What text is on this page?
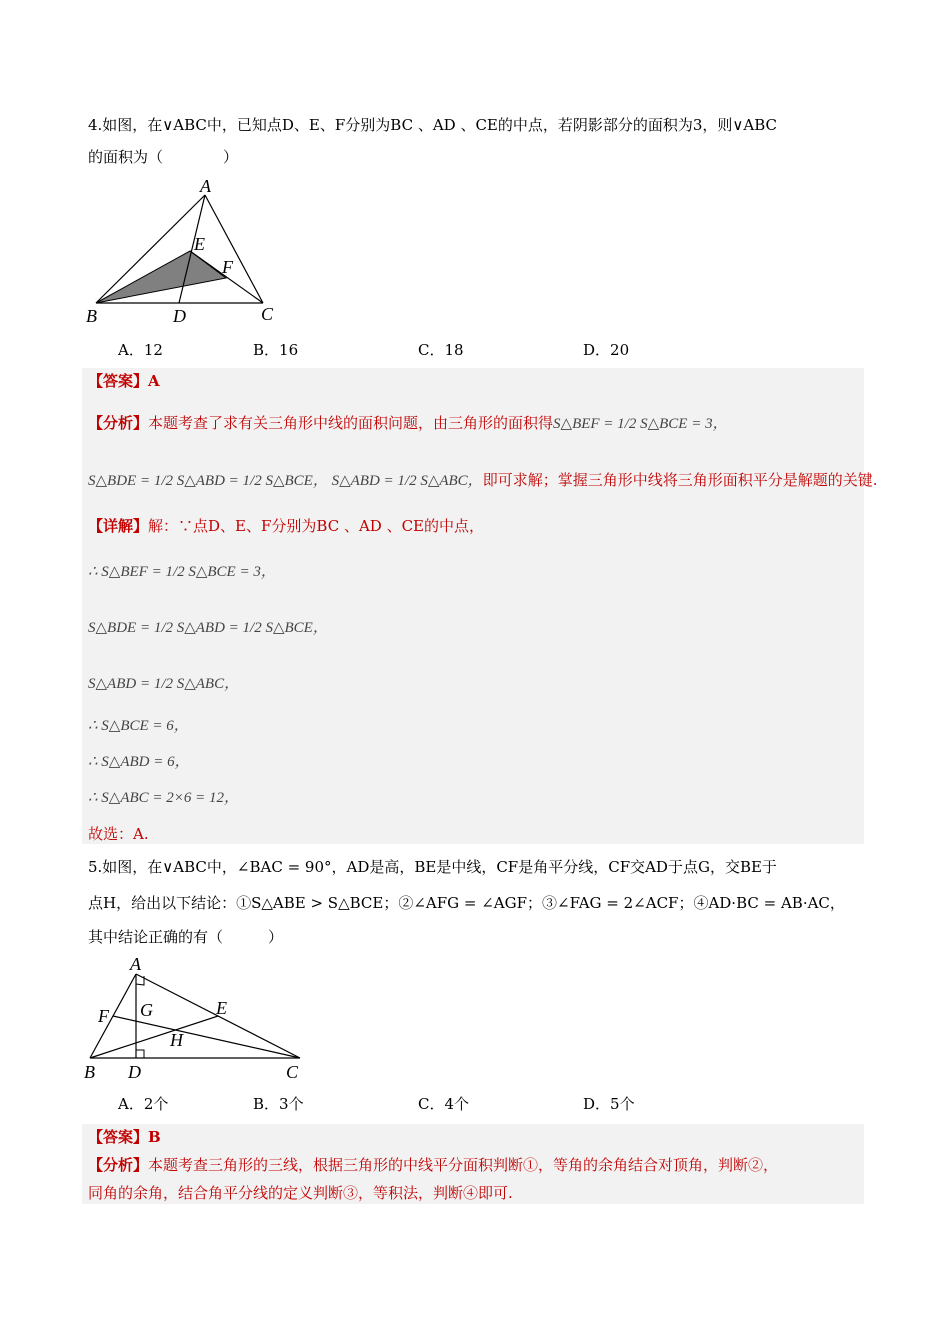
4.如图，在∨ABC中，已知点D、E、F分别为BC 、AD 、CE的中点，若阴影部分的面积为3，则∨ABC
的面积为（　　　　）
A
E
F
B	D	C
A．12	B．16	C．18	D．20
【答案】A
【分析】本题考查了求有关三角形中线的面积问题，由三角形的面积得S△BEF = 1/2 S△BCE = 3，
S△BDE = 1/2 S△ABD = 1/2 S△BCE， S△ABD = 1/2 S△ABC，即可求解；掌握三角形中线将三角形面积平分是解题的关键.
【详解】解：∵点D、E、F分别为BC 、AD 、CE的中点，
∴ S△BEF = 1/2 S△BCE = 3，
S△BDE = 1/2 S△ABD = 1/2 S△BCE，
S△ABD = 1/2 S△ABC，
∴ S△BCE = 6，
∴ S△ABD = 6，
∴ S△ABC = 2×6 = 12，
故选：A.
5.如图，在∨ABC中，∠BAC = 90°，AD是高，BE是中线，CF是角平分线，CF交AD于点G，交BE于
点H，给出以下结论：①S△ABE > S△BCE；②∠AFG = ∠AGF；③∠FAG = 2∠ACF；④AD·BC = AB·AC，
其中结论正确的有（　　　）
A
F G	E
H
B D	C
A．2个	B．3个	C．4个	D．5个
【答案】B
【分析】本题考查三角形的三线，根据三角形的中线平分面积判断①，等角的余角结合对顶角，判断②，
同角的余角，结合角平分线的定义判断③，等积法，判断④即可.
